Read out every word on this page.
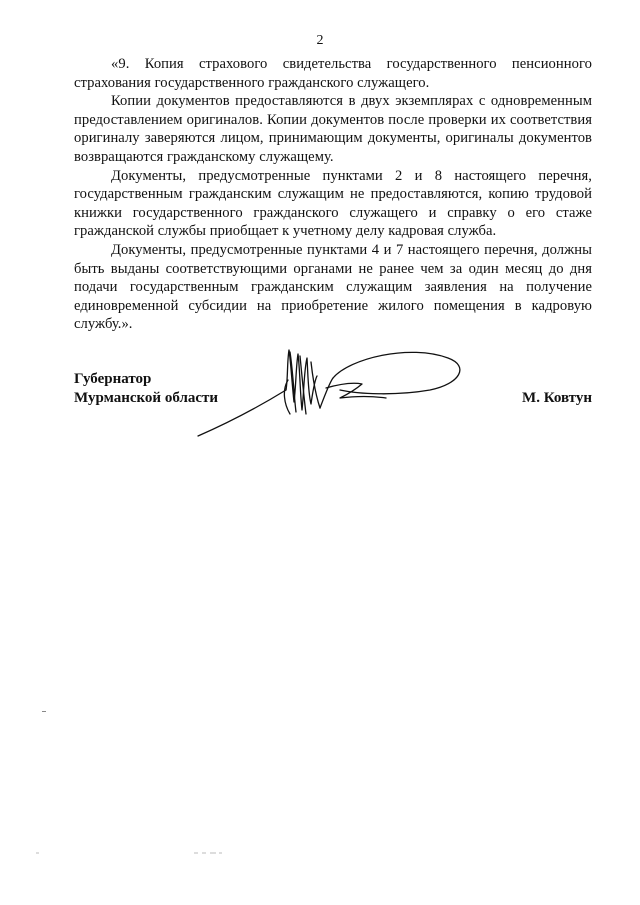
2

«9. Копия страхового свидетельства государственного пенсионного страхования государственного гражданского служащего.

Копии документов предоставляются в двух экземплярах с одновременным предоставлением оригиналов. Копии документов после проверки их соответствия оригиналу заверяются лицом, принимающим документы, оригиналы документов возвращаются гражданскому служащему.

Документы, предусмотренные пунктами 2 и 8 настоящего перечня, государственным гражданским служащим не предоставляются, копию трудовой книжки государственного гражданского служащего и справку о его стаже гражданской службы приобщает к учетному делу кадровая служба.

Документы, предусмотренные пунктами 4 и 7 настоящего перечня, должны быть выданы соответствующими органами не ранее чем за один месяц до дня подачи государственным гражданским служащим заявления на получение единовременной субсидии на приобретение жилого помещения в кадровую службу.».

Губернатор
Мурманской области	М. Ковтун
